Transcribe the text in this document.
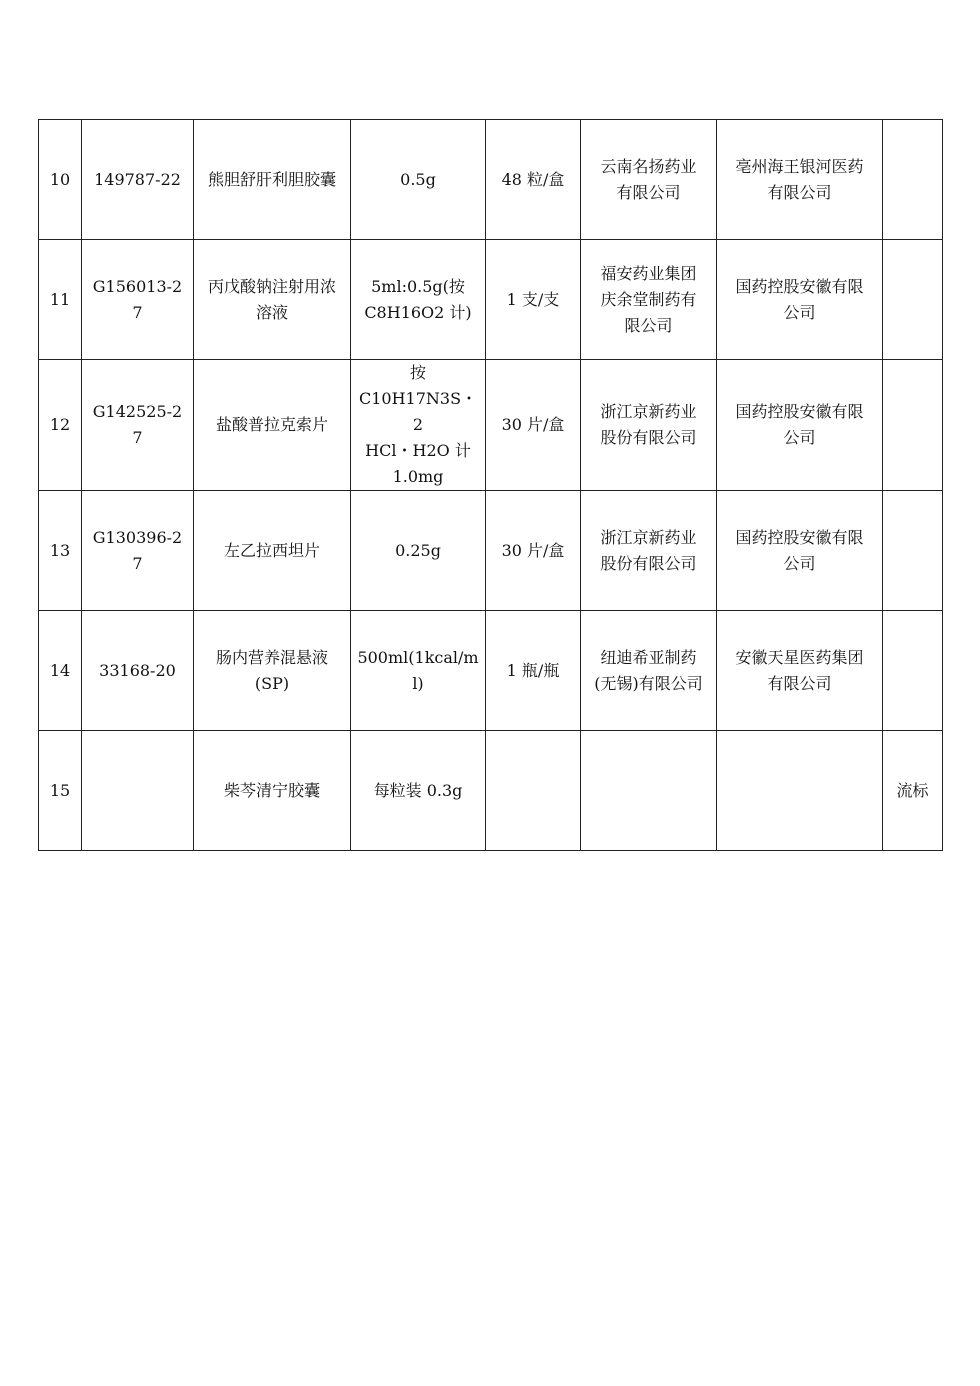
10	149787-22	熊胆舒肝利胆胶囊	0.5g	48 粒/盒	云南名扬药业
有限公司	亳州海王银河医药
有限公司	
11	G156013-27	丙戊酸钠注射用浓
溶液	5ml:0.5g(按
C8H16O2 计)	1 支/支	福安药业集团
庆余堂制药有
限公司	国药控股安徽有限
公司	
12	G142525-27	盐酸普拉克索片	按
C10H17N3S・2
HCl・H2O 计
1.0mg	30 片/盒	浙江京新药业
股份有限公司	国药控股安徽有限
公司	
13	G130396-27	左乙拉西坦片	0.25g	30 片/盒	浙江京新药业
股份有限公司	国药控股安徽有限
公司	
14	33168-20	肠内营养混悬液
(SP)	500ml(1kcal/ml)	1 瓶/瓶	纽迪希亚制药
(无锡)有限公司	安徽天星医药集团
有限公司	
15		柴芩清宁胶囊	每粒装 0.3g				流标
